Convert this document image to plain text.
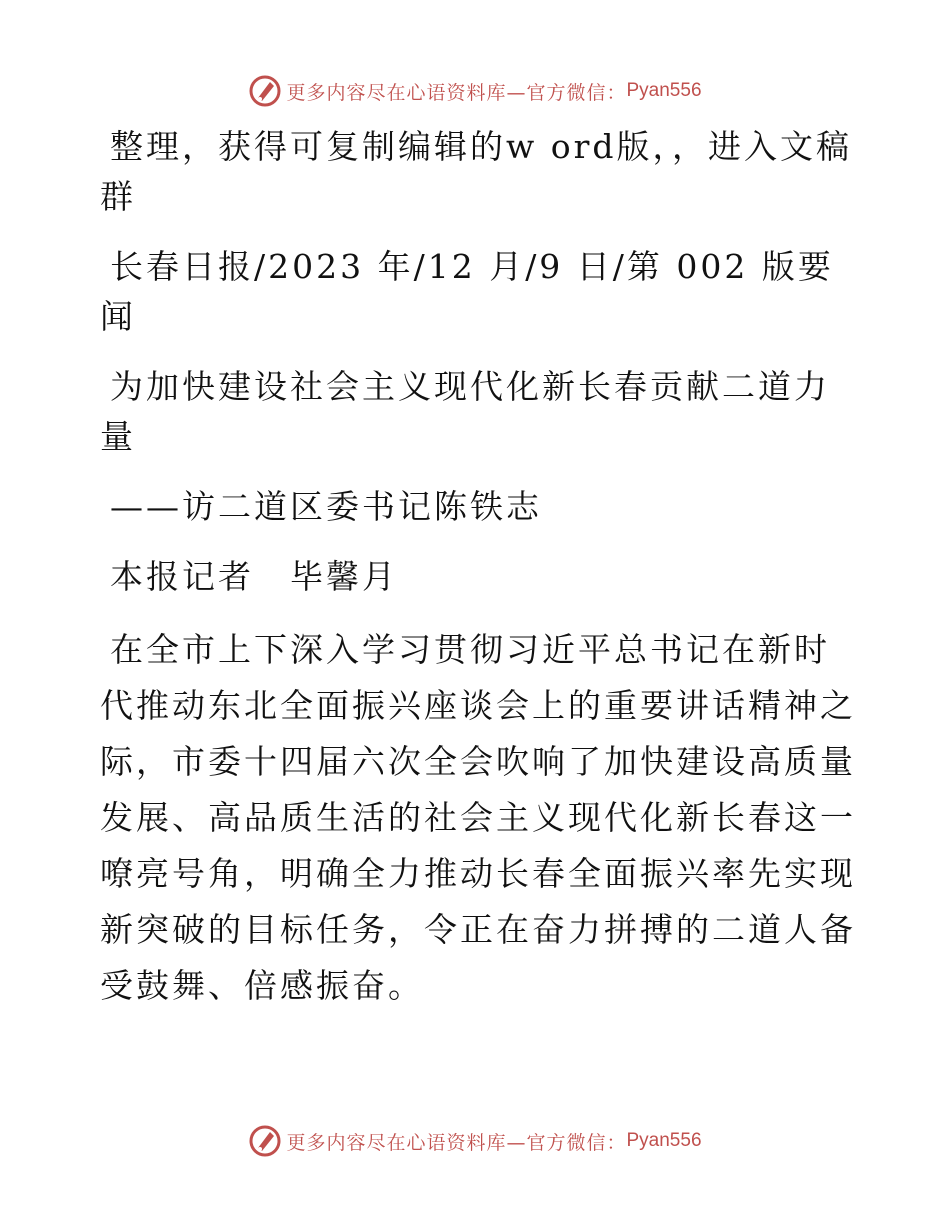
更多内容尽在心语资料库—官方微信： Pyan556

整理，获得可复制编辑的w ord版，，进入文稿群

长春日报/2023 年/12 月/9 日/第 002 版要闻

为加快建设社会主义现代化新长春贡献二道力量

——访二道区委书记陈铁志

本报记者　毕馨月

在全市上下深入学习贯彻习近平总书记在新时代推动东北全面振兴座谈会上的重要讲话精神之际，市委十四届六次全会吹响了加快建设高质量发展、高品质生活的社会主义现代化新长春这一嘹亮号角，明确全力推动长春全面振兴率先实现新突破的目标任务，令正在奋力拼搏的二道人备受鼓舞、倍感振奋。

更多内容尽在心语资料库—官方微信： Pyan556
